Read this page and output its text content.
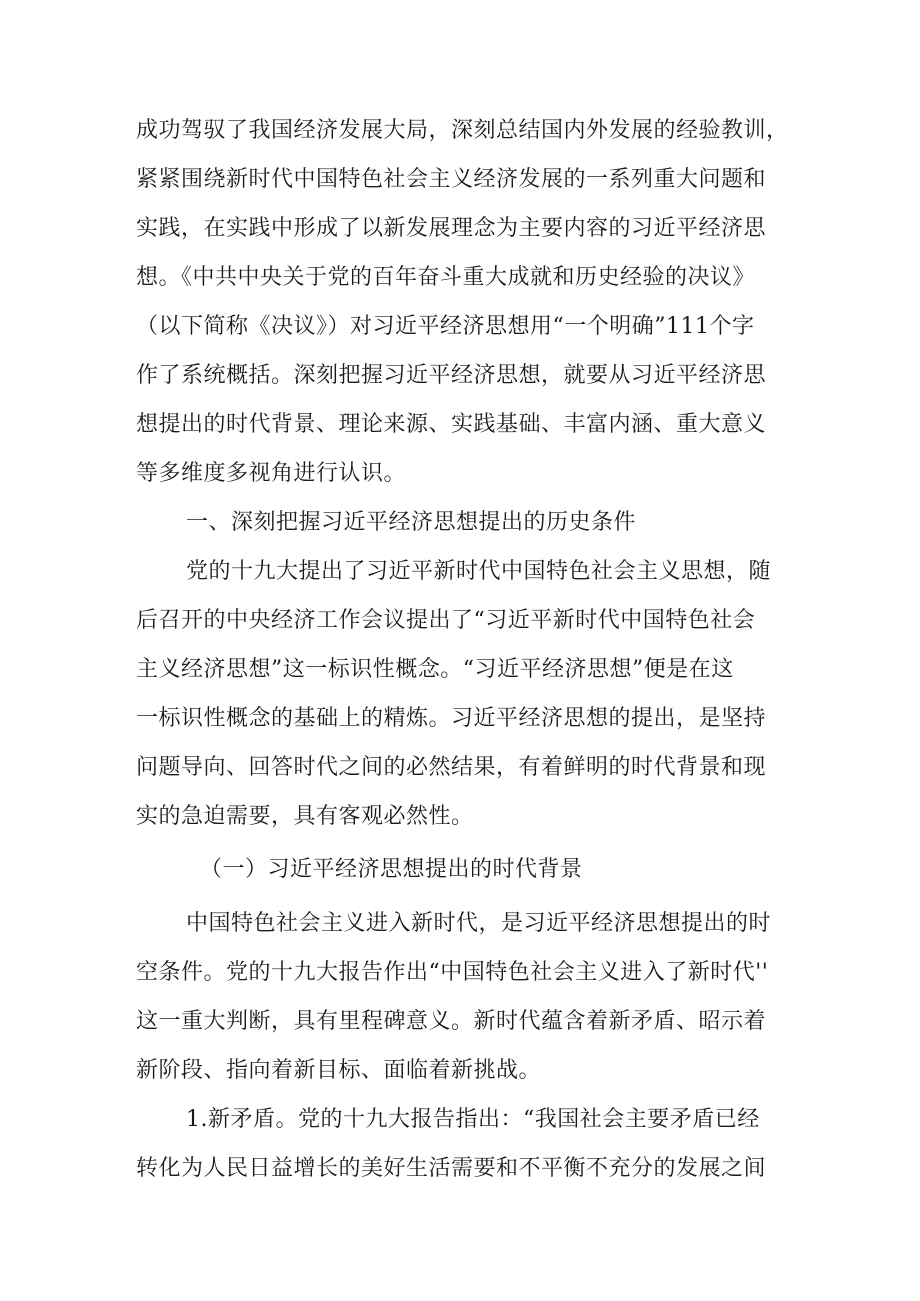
成功驾驭了我国经济发展大局，深刻总结国内外发展的经验教训，

紧紧围绕新时代中国特色社会主义经济发展的一系列重大问题和

实践，在实践中形成了以新发展理念为主要内容的习近平经济思

想。《中共中央关于党的百年奋斗重大成就和历史经验的决议》

（以下简称《决议》）对习近平经济思想用“一个明确”111个字

作了系统概括。深刻把握习近平经济思想，就要从习近平经济思

想提出的时代背景、理论来源、实践基础、丰富内涵、重大意义

等多维度多视角进行认识。

一、深刻把握习近平经济思想提出的历史条件

党的十九大提出了习近平新时代中国特色社会主义思想，随

后召开的中央经济工作会议提出了“习近平新时代中国特色社会

主义经济思想”这一标识性概念。“习近平经济思想”便是在这

一标识性概念的基础上的精炼。习近平经济思想的提出，是坚持

问题导向、回答时代之间的必然结果，有着鲜明的时代背景和现

实的急迫需要，具有客观必然性。

（一）习近平经济思想提出的时代背景

中国特色社会主义进入新时代，是习近平经济思想提出的时

空条件。党的十九大报告作出“中国特色社会主义进入了新时代''

这一重大判断，具有里程碑意义。新时代蕴含着新矛盾、昭示着

新阶段、指向着新目标、面临着新挑战。

1.新矛盾。党的十九大报告指出：“我国社会主要矛盾已经

转化为人民日益增长的美好生活需要和不平衡不充分的发展之间
